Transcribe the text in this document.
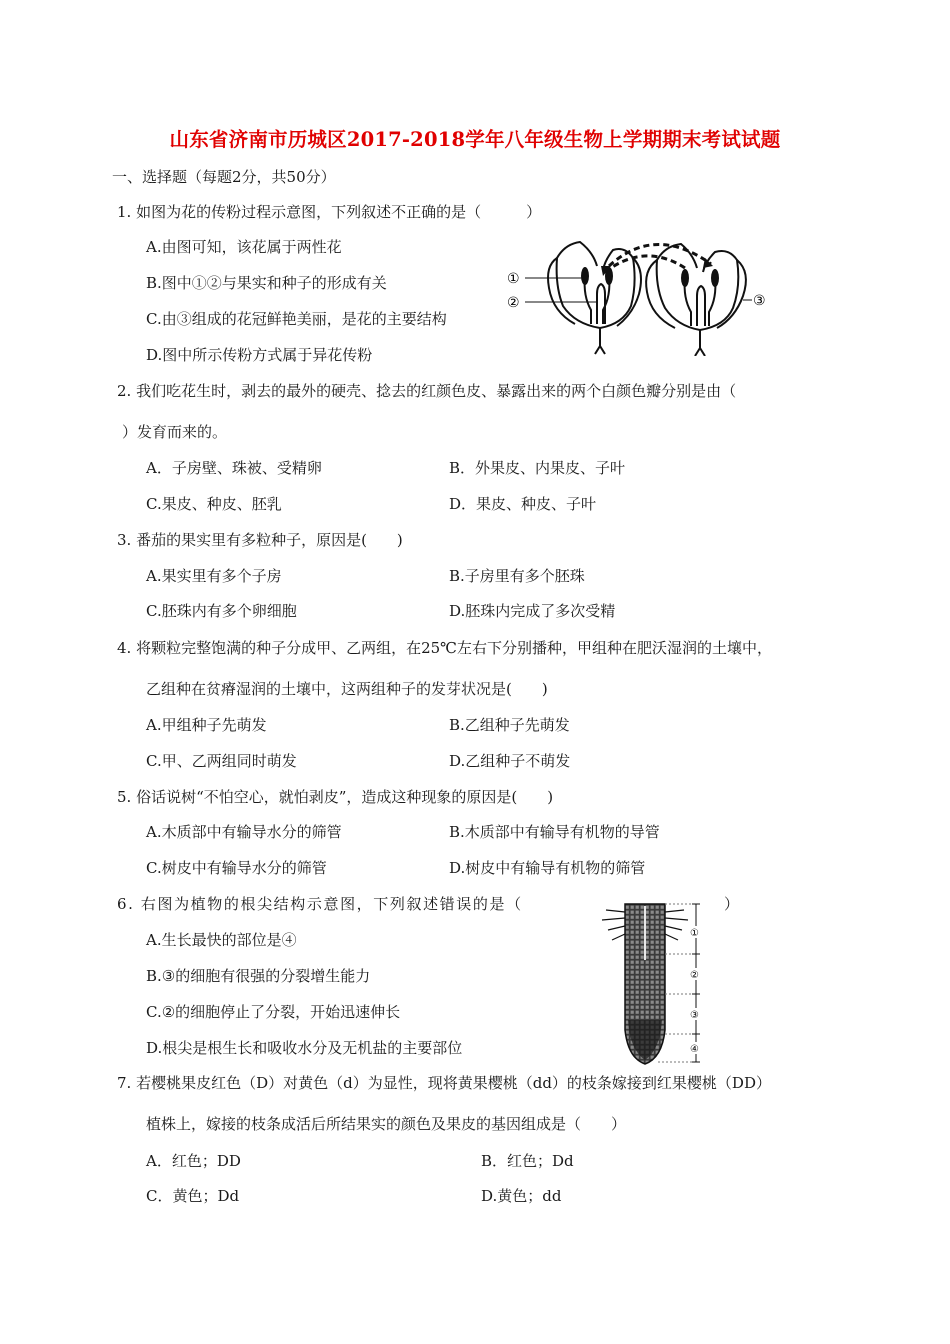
山东省济南市历城区2017-2018学年八年级生物上学期期末考试试题
一、选择题（每题2分，共50分）
1. 如图为花的传粉过程示意图，下列叙述不正确的是（　　　）
A.由图可知，该花属于两性花
B.图中①②与果实和种子的形成有关
C.由③组成的花冠鲜艳美丽，是花的主要结构
D.图中所示传粉方式属于异花传粉
①
②	③
2. 我们吃花生时，剥去的最外的硬壳、捻去的红颜色皮、暴露出来的两个白颜色瓣分别是由（
）发育而来的。
A．子房壁、珠被、受精卵	B．外果皮、内果皮、子叶
C.果皮、种皮、胚乳	D．果皮、种皮、子叶
3. 番茄的果实里有多粒种子，原因是(　　)
A.果实里有多个子房	B.子房里有多个胚珠
C.胚珠内有多个卵细胞	D.胚珠内完成了多次受精
4. 将颗粒完整饱满的种子分成甲、乙两组，在25℃左右下分别播种，甲组种在肥沃湿润的土壤中，
乙组种在贫瘠湿润的土壤中，这两组种子的发芽状况是(　　)
A.甲组种子先萌发	B.乙组种子先萌发
C.甲、乙两组同时萌发	D.乙组种子不萌发
5. 俗话说树“不怕空心，就怕剥皮”，造成这种现象的原因是(　　)
A.木质部中有输导水分的筛管	B.木质部中有输导有机物的导管
C.树皮中有输导水分的筛管	D.树皮中有输导有机物的筛管
6. 右图为植物的根尖结构示意图，下列叙述错误的是（	）
A.生长最快的部位是④
B.③的细胞有很强的分裂增生能力
C.②的细胞停止了分裂，开始迅速伸长
D.根尖是根生长和吸收水分及无机盐的主要部位
①
②
③
④
7. 若樱桃果皮红色（D）对黄色（d）为显性，现将黄果樱桃（dd）的枝条嫁接到红果樱桃（DD）
植株上，嫁接的枝条成活后所结果实的颜色及果皮的基因组成是（　　）
A．红色；DD	B．红色；Dd
C．黄色；Dd	D.黄色；dd
